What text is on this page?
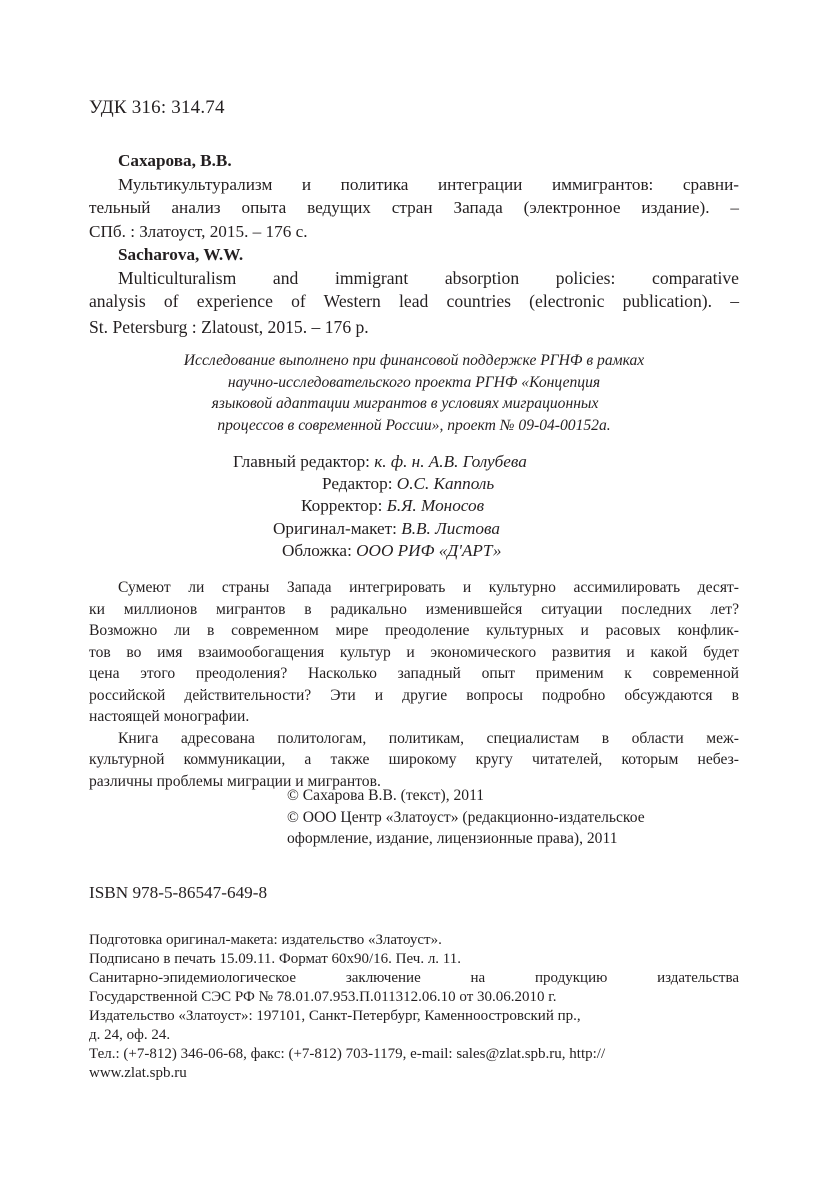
УДК 316: 314.74
Сахарова, В.В.
Мультикультурализм и политика интеграции иммигрантов: сравни-
тельный анализ опыта ведущих стран Запада (электронное издание). –
СПб. : Златоуст, 2015. – 176 с.
Sacharova, W.W.
Multiculturalism and immigrant absorption policies: comparative
analysis of experience of Western lead countries (electronic publication). –
St. Petersburg : Zlatoust, 2015. – 176 p.
Исследование выполнено при финансовой поддержке РГНФ в рамках
научно-исследовательского проекта РГНФ «Концепция
языковой адаптации мигрантов в условиях миграционных
процессов в современной России», проект № 09-04-00152а.
Главный редактор: к. ф. н. А.В. Голубева
Редактор: О.С. Капполь
Корректор: Б.Я. Моносов
Оригинал-макет: В.В. Листова
Обложка: ООО РИФ «Д'АРТ»
Сумеют ли страны Запада интегрировать и культурно ассимилировать десят-
ки миллионов мигрантов в радикально изменившейся ситуации последних лет?
Возможно ли в современном мире преодоление культурных и расовых конфлик-
тов во имя взаимообогащения культур и экономического развития и какой будет
цена этого преодоления? Насколько западный опыт применим к современной
российской действительности? Эти и другие вопросы подробно обсуждаются в
настоящей монографии.
Книга адресована политологам, политикам, специалистам в области меж-
культурной коммуникации, а также широкому кругу читателей, которым небез-
различны проблемы миграции и мигрантов.
© Сахарова В.В. (текст), 2011
© ООО Центр «Златоуст» (редакционно-издательское
оформление, издание, лицензионные права), 2011
ISBN 978-5-86547-649-8
Подготовка оригинал-макета: издательство «Златоуст».
Подписано в печать 15.09.11. Формат 60х90/16. Печ. л. 11.
Санитарно-эпидемиологическое заключение на продукцию издательства
Государственной СЭС РФ № 78.01.07.953.П.011312.06.10 от 30.06.2010 г.
Издательство «Златоуст»: 197101, Санкт-Петербург, Каменноостровский пр.,
д. 24, оф. 24.
Тел.: (+7-812) 346-06-68, факс: (+7-812) 703-1179, e-mail: sales@zlat.spb.ru, http://
www.zlat.spb.ru
